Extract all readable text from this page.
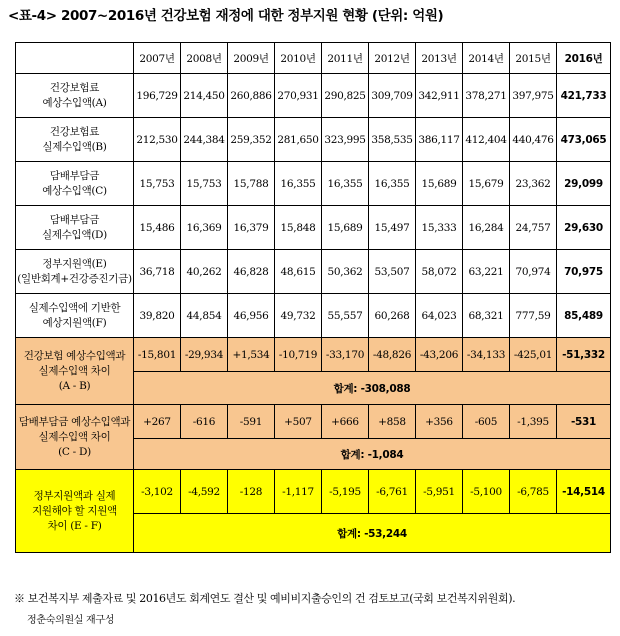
<표-4> 2007~2016년 건강보험 재정에 대한 정부지원 현황 (단위: 억원)
	2007년	2008년	2009년	2010년	2011년	2012년	2013년	2014년	2015년	2016년
건강보험료
예상수입액(A)	196,729	214,450	260,886	270,931	290,825	309,709	342,911	378,271	397,975	421,733
건강보험료
실제수입액(B)	212,530	244,384	259,352	281,650	323,995	358,535	386,117	412,404	440,476	473,065
담배부담금
예상수입액(C)	15,753	15,753	15,788	16,355	16,355	16,355	15,689	15,679	23,362	29,099
담배부담금
실제수입액(D)	15,486	16,369	16,379	15,848	15,689	15,497	15,333	16,284	24,757	29,630
정부지원액(E)
(일반회계+건강증진기금)	36,718	40,262	46,828	48,615	50,362	53,507	58,072	63,221	70,974	70,975
실제수입액에 기반한
예상지원액(F)	39,820	44,854	46,956	49,732	55,557	60,268	64,023	68,321	777,59	85,489
건강보험 예상수입액과
실제수입액 차이
(A - B)	-15,801	-29,934	+1,534	-10,719	-33,170	-48,826	-43,206	-34,133	-425,01	-51,332
	합계: -308,088									
담배부담금 예상수입액과
실제수입액 차이
(C - D)	+267	-616	-591	+507	+666	+858	+356	-605	-1,395	-531
	합계: -1,084									
정부지원액과 실제
지원해야 할 지원액
차이 (E - F)	-3,102	-4,592	-128	-1,117	-5,195	-6,761	-5,951	-5,100	-6,785	-14,514
	합계: -53,244									
※ 보건복지부 제출자료 및 2016년도 회계연도 결산 및 예비비지출승인의 건 검토보고(국회 보건복지위원회).
정춘숙의원실 재구성
